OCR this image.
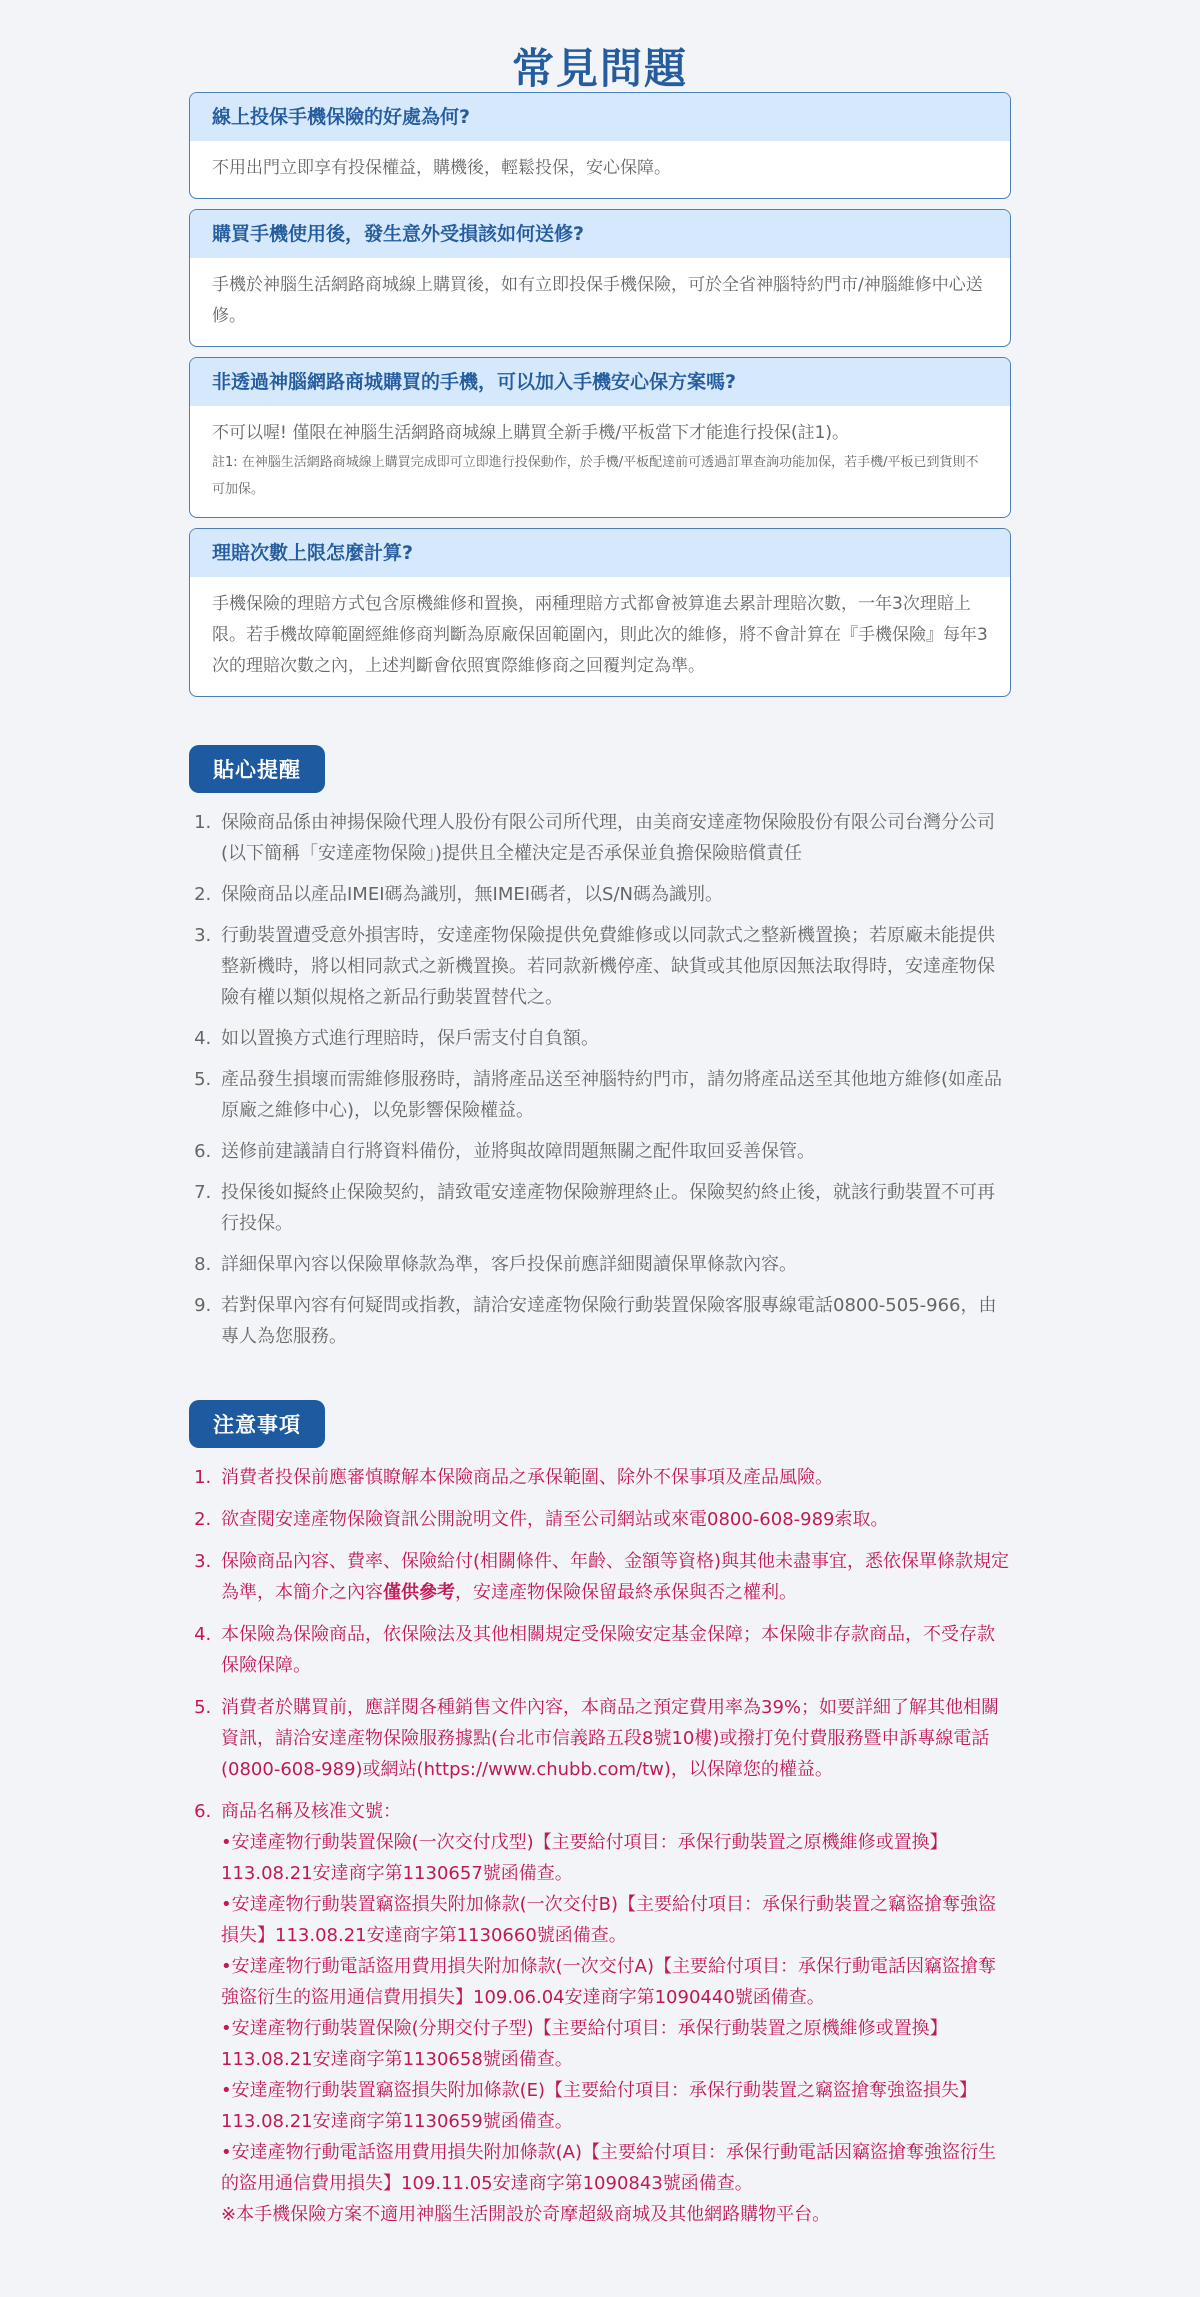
常見問題
線上投保手機保險的好處為何?
不用出門立即享有投保權益，購機後，輕鬆投保，安心保障。
購買手機使用後，發生意外受損該如何送修?
手機於神腦生活網路商城線上購買後，如有立即投保手機保險，可於全省神腦特約門市/神腦維修中心送修。
非透過神腦網路商城購買的手機，可以加入手機安心保方案嗎?
不可以喔! 僅限在神腦生活網路商城線上購買全新手機/平板當下才能進行投保(註1)。
註1: 在神腦生活網路商城線上購買完成即可立即進行投保動作，於手機/平板配達前可透過訂單查詢功能加保，若手機/平板已到貨則不可加保。
理賠次數上限怎麼計算?
手機保險的理賠方式包含原機維修和置換，兩種理賠方式都會被算進去累計理賠次數，一年3次理賠上限。若手機故障範圍經維修商判斷為原廠保固範圍內，則此次的維修，將不會計算在『手機保險』每年3次的理賠次數之內，上述判斷會依照實際維修商之回覆判定為準。
貼心提醒
1. 保險商品係由神揚保險代理人股份有限公司所代理，由美商安達產物保險股份有限公司台灣分公司(以下簡稱「安達產物保險」)提供且全權決定是否承保並負擔保險賠償責任
2. 保險商品以產品IMEI碼為識別，無IMEI碼者，以S/N碼為識別。
3. 行動裝置遭受意外損害時，安達產物保險提供免費維修或以同款式之整新機置換；若原廠未能提供整新機時，將以相同款式之新機置換。若同款新機停產、缺貨或其他原因無法取得時，安達產物保險有權以類似規格之新品行動裝置替代之。
4. 如以置換方式進行理賠時，保戶需支付自負額。
5. 產品發生損壞而需維修服務時，請將產品送至神腦特約門市，請勿將產品送至其他地方維修(如產品原廠之維修中心)，以免影響保險權益。
6. 送修前建議請自行將資料備份，並將與故障問題無關之配件取回妥善保管。
7. 投保後如擬終止保險契約，請致電安達產物保險辦理終止。保險契約終止後，就該行動裝置不可再行投保。
8. 詳細保單內容以保險單條款為準，客戶投保前應詳細閱讀保單條款內容。
9. 若對保單內容有何疑問或指教，請洽安達產物保險行動裝置保險客服專線電話0800-505-966，由專人為您服務。
注意事項
1. 消費者投保前應審慎瞭解本保險商品之承保範圍、除外不保事項及產品風險。
2. 欲查閱安達產物保險資訊公開說明文件，請至公司網站或來電0800-608-989索取。
3. 保險商品內容、費率、保險給付(相關條件、年齡、金額等資格)與其他未盡事宜，悉依保單條款規定為準，本簡介之內容僅供參考，安達產物保險保留最終承保與否之權利。
4. 本保險為保險商品，依保險法及其他相關規定受保險安定基金保障；本保險非存款商品，不受存款保險保障。
5. 消費者於購買前，應詳閱各種銷售文件內容，本商品之預定費用率為39%；如要詳細了解其他相關資訊，請洽安達產物保險服務據點(台北市信義路五段8號10樓)或撥打免付費服務暨申訴專線電話(0800-608-989)或網站(https://www.chubb.com/tw)，以保障您的權益。
6. 商品名稱及核准文號：
•安達產物行動裝置保險(一次交付戊型)【主要給付項目：承保行動裝置之原機維修或置換】113.08.21安達商字第1130657號函備查。
•安達產物行動裝置竊盜損失附加條款(一次交付B)【主要給付項目：承保行動裝置之竊盜搶奪強盜損失】113.08.21安達商字第1130660號函備查。
•安達產物行動電話盜用費用損失附加條款(一次交付A)【主要給付項目：承保行動電話因竊盜搶奪強盜衍生的盜用通信費用損失】109.06.04安達商字第1090440號函備查。
•安達產物行動裝置保險(分期交付子型)【主要給付項目：承保行動裝置之原機維修或置換】113.08.21安達商字第1130658號函備查。
•安達產物行動裝置竊盜損失附加條款(E)【主要給付項目：承保行動裝置之竊盜搶奪強盜損失】113.08.21安達商字第1130659號函備查。
•安達產物行動電話盜用費用損失附加條款(A)【主要給付項目：承保行動電話因竊盜搶奪強盜衍生的盜用通信費用損失】109.11.05安達商字第1090843號函備查。
※本手機保險方案不適用神腦生活開設於奇摩超級商城及其他網路購物平台。
